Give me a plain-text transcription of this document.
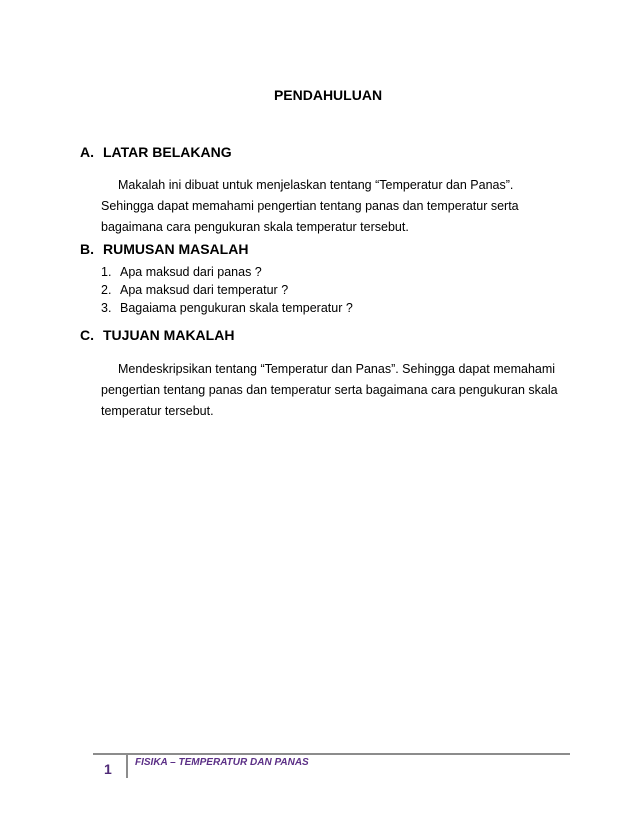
PENDAHULUAN
A. LATAR BELAKANG
Makalah ini dibuat untuk menjelaskan tentang “Temperatur dan Panas”.
Sehingga dapat memahami pengertian tentang panas dan temperatur serta
bagaimana cara pengukuran skala temperatur tersebut.
B. RUMUSAN MASALAH
1. Apa maksud dari panas ?
2. Apa maksud dari temperatur ?
3. Bagaiama pengukuran skala temperatur ?
C. TUJUAN MAKALAH
Mendeskripsikan tentang “Temperatur dan Panas”. Sehingga dapat memahami
pengertian tentang panas dan temperatur serta bagaimana cara pengukuran skala
temperatur tersebut.
1 FISIKA – TEMPERATUR DAN PANAS
